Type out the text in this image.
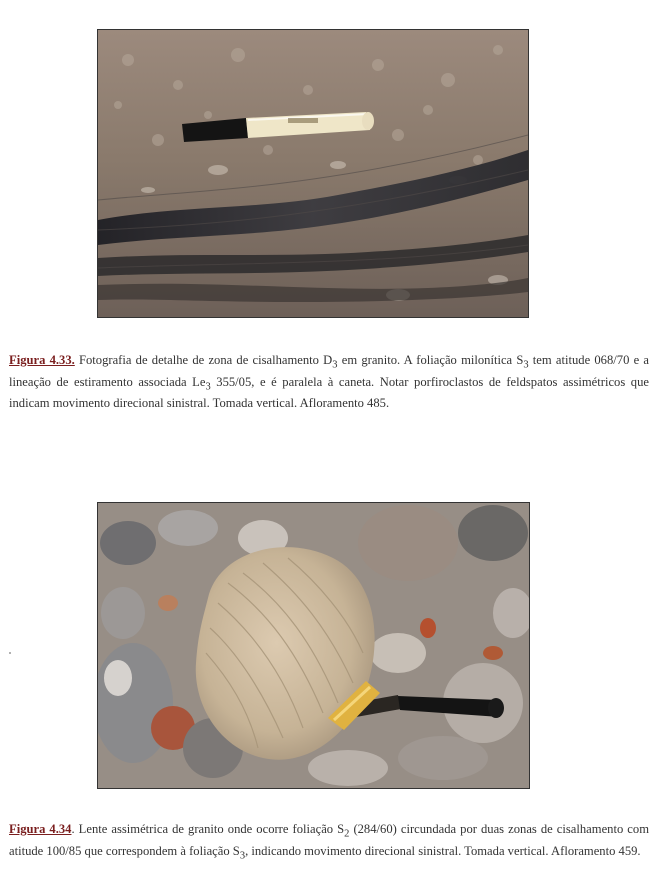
Figura 4.33. Fotografia de detalhe de zona de cisalhamento $D_3$ em granito. A foliação milonítica $S_3$ tem atitude 068/70 e a lineação de estiramento associada $Le_3$ 355/05, e é paralela à caneta. Notar porfiroclastos de feldspatos assimétricos que indicam movimento direcional sinistral. Tomada vertical. Afloramento 485.
Figura 4.34. Lente assimétrica de granito onde ocorre foliação $S_2$ (284/60) circundada por duas zonas de cisalhamento com atitude 100/85 que correspondem à foliação $S_3$, indicando movimento direcional sinistral. Tomada vertical. Afloramento 459.
